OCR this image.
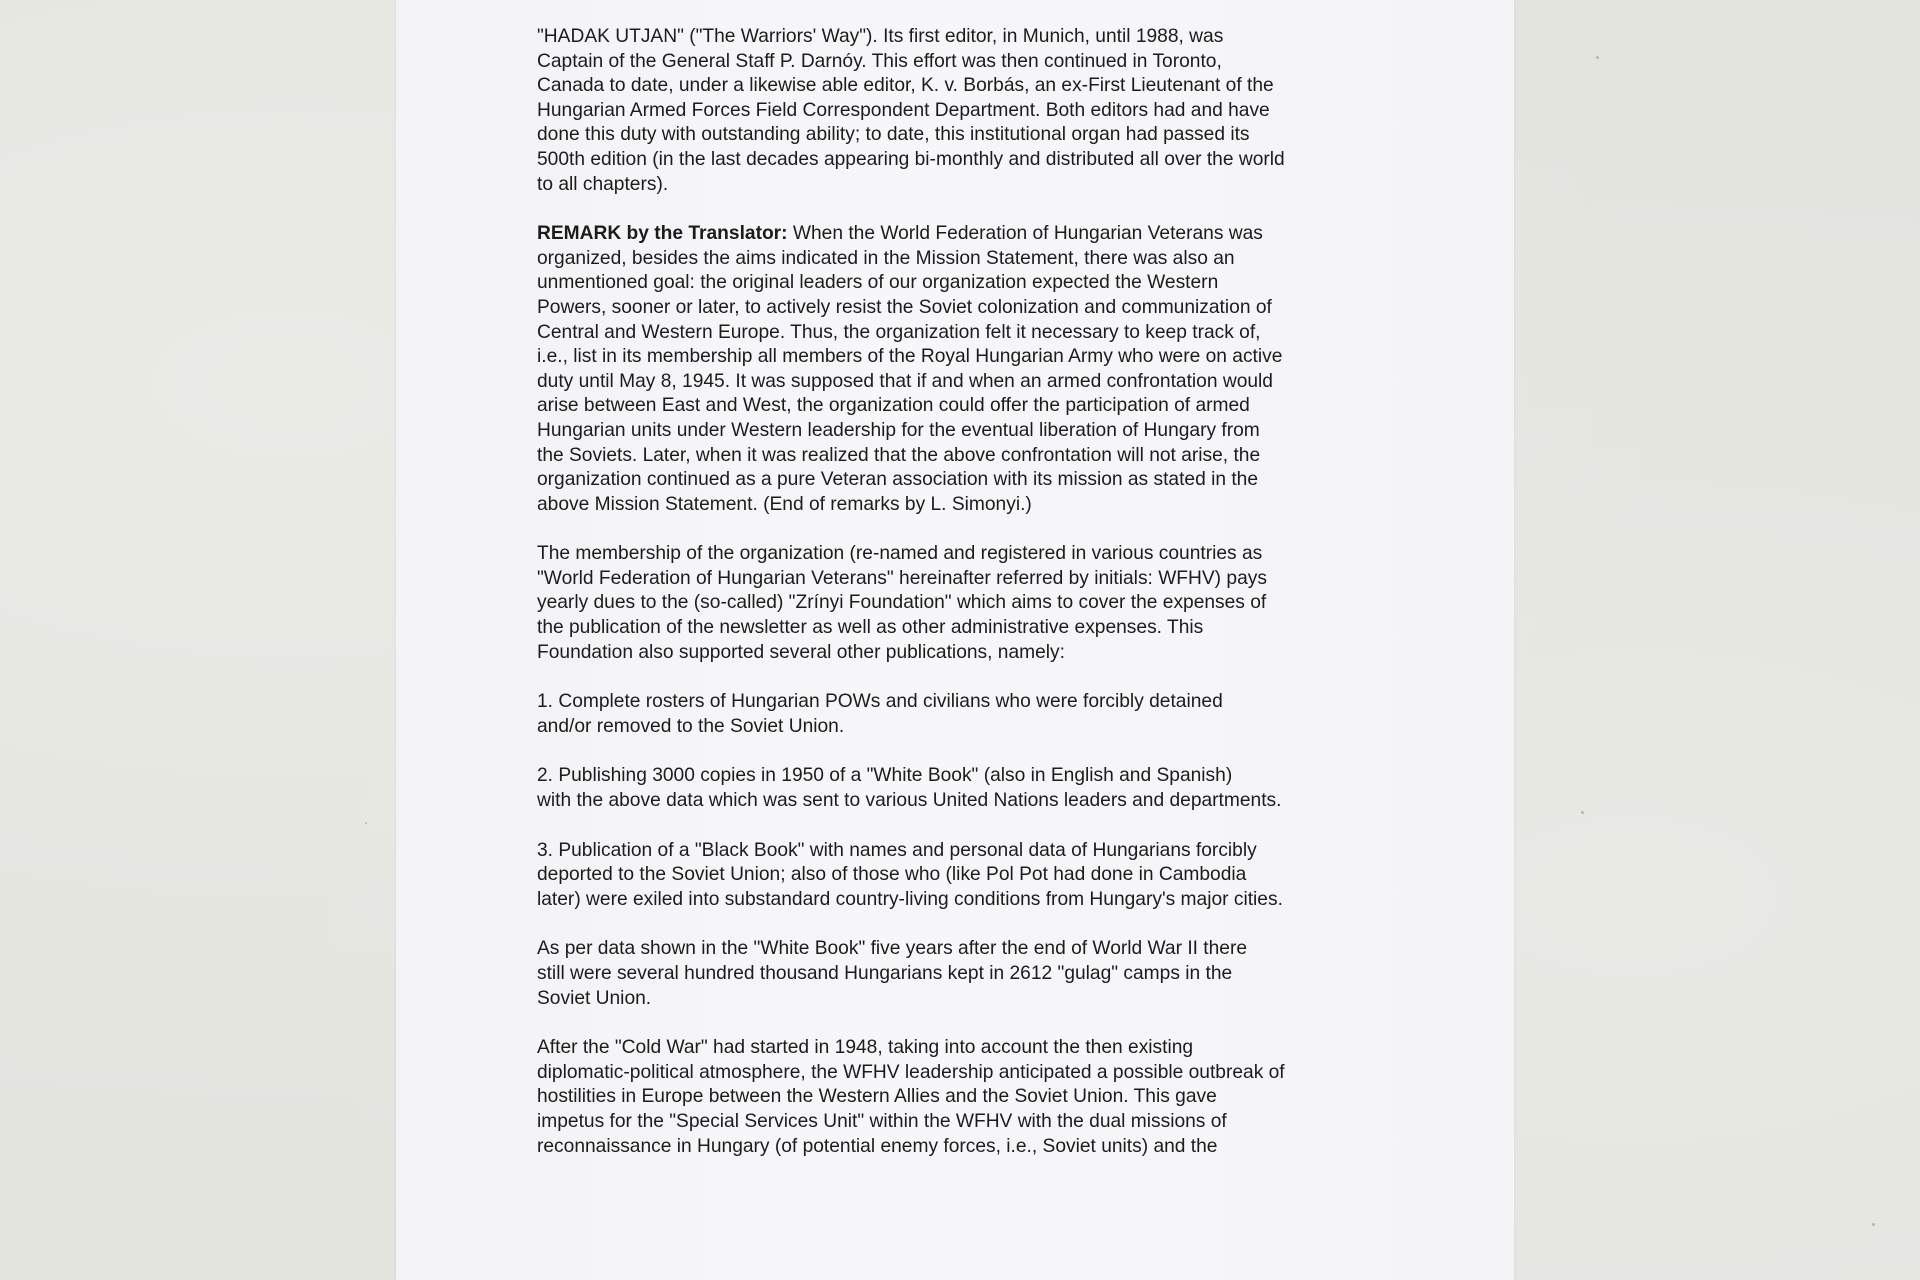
"HADAK UTJAN" ("The Warriors' Way"). Its first editor, in Munich, until 1988, was
Captain of the General Staff P. Darnóy. This effort was then continued in Toronto,
Canada to date, under a likewise able editor, K. v. Borbás, an ex-First Lieutenant of the
Hungarian Armed Forces Field Correspondent Department. Both editors had and have
done this duty with outstanding ability; to date, this institutional organ had passed its
500th edition (in the last decades appearing bi-monthly and distributed all over the world
to all chapters).

REMARK by the Translator: When the World Federation of Hungarian Veterans was
organized, besides the aims indicated in the Mission Statement, there was also an
unmentioned goal: the original leaders of our organization expected the Western
Powers, sooner or later, to actively resist the Soviet colonization and communization of
Central and Western Europe. Thus, the organization felt it necessary to keep track of,
i.e., list in its membership all members of the Royal Hungarian Army who were on active
duty until May 8, 1945. It was supposed that if and when an armed confrontation would
arise between East and West, the organization could offer the participation of armed
Hungarian units under Western leadership for the eventual liberation of Hungary from
the Soviets. Later, when it was realized that the above confrontation will not arise, the
organization continued as a pure Veteran association with its mission as stated in the
above Mission Statement. (End of remarks by L. Simonyi.)

The membership of the organization (re-named and registered in various countries as
"World Federation of Hungarian Veterans" hereinafter referred by initials: WFHV) pays
yearly dues to the (so-called) "Zrínyi Foundation" which aims to cover the expenses of
the publication of the newsletter as well as other administrative expenses. This
Foundation also supported several other publications, namely:

1. Complete rosters of Hungarian POWs and civilians who were forcibly detained
and/or removed to the Soviet Union.

2. Publishing 3000 copies in 1950 of a "White Book" (also in English and Spanish)
with the above data which was sent to various United Nations leaders and departments.

3. Publication of a "Black Book" with names and personal data of Hungarians forcibly
deported to the Soviet Union; also of those who (like Pol Pot had done in Cambodia
later) were exiled into substandard country-living conditions from Hungary's major cities.

As per data shown in the "White Book" five years after the end of World War II there
still were several hundred thousand Hungarians kept in 2612 "gulag" camps in the
Soviet Union.

After the "Cold War" had started in 1948, taking into account the then existing
diplomatic-political atmosphere, the WFHV leadership anticipated a possible outbreak of
hostilities in Europe between the Western Allies and the Soviet Union. This gave
impetus for the "Special Services Unit" within the WFHV with the dual missions of
reconnaissance in Hungary (of potential enemy forces, i.e., Soviet units) and the
